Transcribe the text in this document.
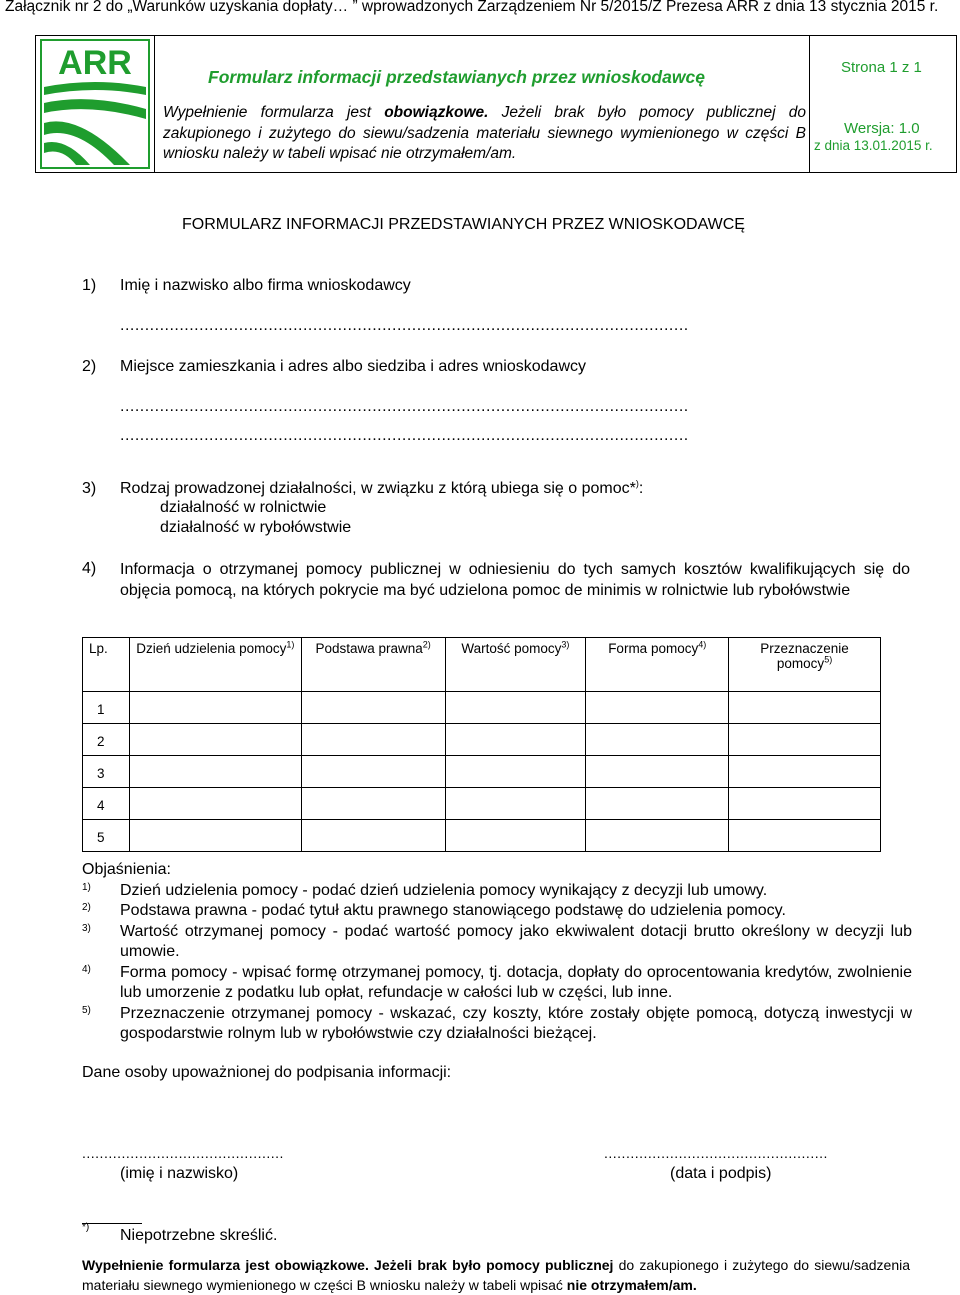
Załącznik nr 2 do „Warunków uzyskania dopłaty… ” wprowadzonych Zarządzeniem Nr 5/2015/Z Prezesa ARR z dnia 13 stycznia 2015 r.
ARR	Formularz informacji przedstawianych przez wnioskodawcę
Wypełnienie formularza jest obowiązkowe. Jeżeli brak było pomocy publicznej do zakupionego i zużytego do siewu/sadzenia materiału siewnego wymienionego w części B wniosku należy w tabeli wpisać nie otrzymałem/am.
Strona 1 z 1
Wersja: 1.0
z dnia 13.01.2015 r.
FORMULARZ INFORMACJI PRZEDSTAWIANYCH PRZEZ WNIOSKODAWCĘ
1) Imię i nazwisko albo firma wnioskodawcy
...................................................................................................................
2) Miejsce zamieszkania i adres albo siedziba i adres wnioskodawcy
...................................................................................................................
...................................................................................................................
3) Rodzaj prowadzonej działalności, w związku z którą ubiega się o pomoc*):
działalność w rolnictwie
działalność w rybołówstwie
4) Informacja o otrzymanej pomocy publicznej w odniesieniu do tych samych kosztów kwalifikujących się do objęcia pomocą, na których pokrycie ma być udzielona pomoc de minimis w rolnictwie lub rybołówstwie
Lp.	Dzień udzielenia pomocy$^{1)}$	Podstawa prawna$^{2)}$	Wartość pomocy$^{3)}$	Forma pomocy$^{4)}$	Przeznaczenie pomocy$^{5)}$
1					
2					
3					
4					
5					
Objaśnienia:
1)	Dzień udzielenia pomocy - podać dzień udzielenia pomocy wynikający z decyzji lub umowy.
2)	Podstawa prawna - podać tytuł aktu prawnego stanowiącego podstawę do udzielenia pomocy.
3)	Wartość otrzymanej pomocy - podać wartość pomocy jako ekwiwalent dotacji brutto określony w decyzji lub umowie.
4)	Forma pomocy - wpisać formę otrzymanej pomocy, tj. dotacja, dopłaty do oprocentowania kredytów, zwolnienie lub umorzenie z podatku lub opłat, refundacje w całości lub w części, lub inne.
5)	Przeznaczenie otrzymanej pomocy - wskazać, czy koszty, które zostały objęte pomocą, dotyczą inwestycji w gospodarstwie rolnym lub w rybołówstwie czy działalności bieżącej.
Dane osoby upoważnionej do podpisania informacji:
..............................................
(imię i nazwisko)
...................................................
(data i podpis)
*) Niepotrzebne skreślić.
Wypełnienie formularza jest obowiązkowe. Jeżeli brak było pomocy publicznej do zakupionego i zużytego do siewu/sadzenia materiału siewnego wymienionego w części B wniosku należy w tabeli wpisać nie otrzymałem/am.
